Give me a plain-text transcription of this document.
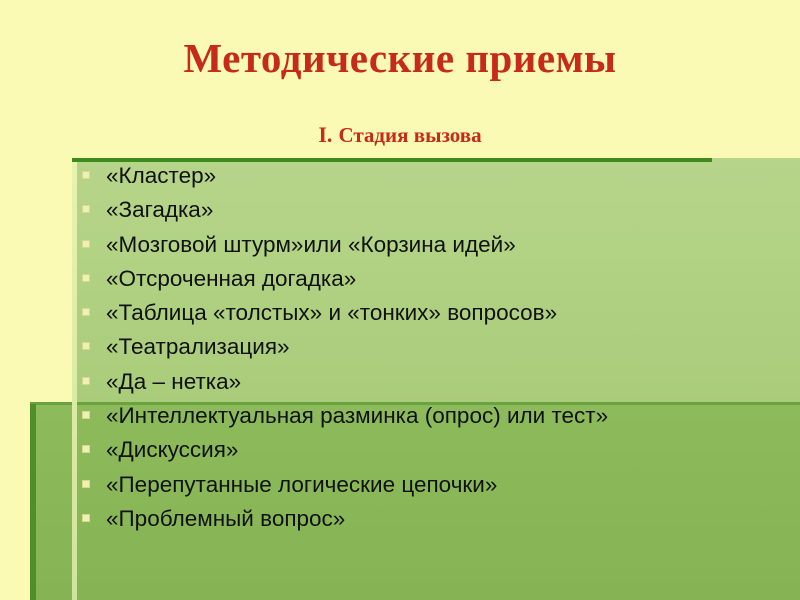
Методические приемы
I. Стадия вызова
«Кластер»
«Загадка»
«Мозговой штурм»или «Корзина идей»
«Отсроченная догадка»
«Таблица «толстых» и «тонких» вопросов»
«Театрализация»
«Да – нетка»
«Интеллектуальная разминка (опрос) или тест»
«Дискуссия»
«Перепутанные логические цепочки»
«Проблемный вопрос»
